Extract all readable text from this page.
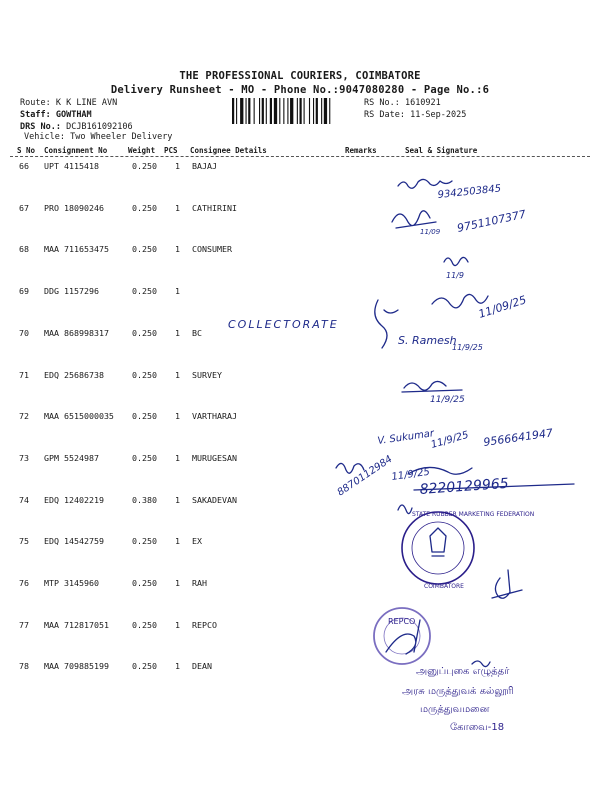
THE PROFESSIONAL COURIERS, COIMBATORE
Delivery Runsheet - MO - Phone No.:9047080280 - Page No.:6
Route: K K LINE AVN
Staff: GOWTHAM
DRS No.: DCJB161092106
Vehicle: Two Wheeler Delivery
RS No.: 1610921
RS Date: 11-Sep-2025
S No Consignment No	Weight PCS Consignee Details	Remarks	Seal & Signature
66 UPT 4115418	0.250 1 BAJAJ
67 PRO 18090246	0.250 1 CATHIRINI
68 MAA 711653475	0.250 1 CONSUMER
69 DDG 1157296	0.250 1
70 MAA 868998317	0.250 1 BC
71 EDQ 25686738	0.250 1 SURVEY
72 MAA 6515000035 0.250 1 VARTHARAJ
73 GPM 5524987	0.250 1 MURUGESAN
74 EDQ 12402219	0.380 1 SAKADEVAN
75 EDQ 14542759	0.250 1 EX
76 MTP 3145960	0.250 1 RAH
77 MAA 712817051	0.250 1 REPCO
78 MAA 709885199	0.250 1 DEAN
9342503845
11/09 9751107377
11/9
11/09/25
COLLECTORATE
S. Ramesh
11/9/25
11/9/25
V. Sukumar
11/9/25 9566641947
8870112984
11/9/25
8220129965
STATE RUBBER MARKETING FEDERATION
COIMBATORE
REPCO
அனுப்புகை எழுத்தர்
அரசு மருத்துவக் கல்லூரி
மருத்துவமனை
கோவை-18
